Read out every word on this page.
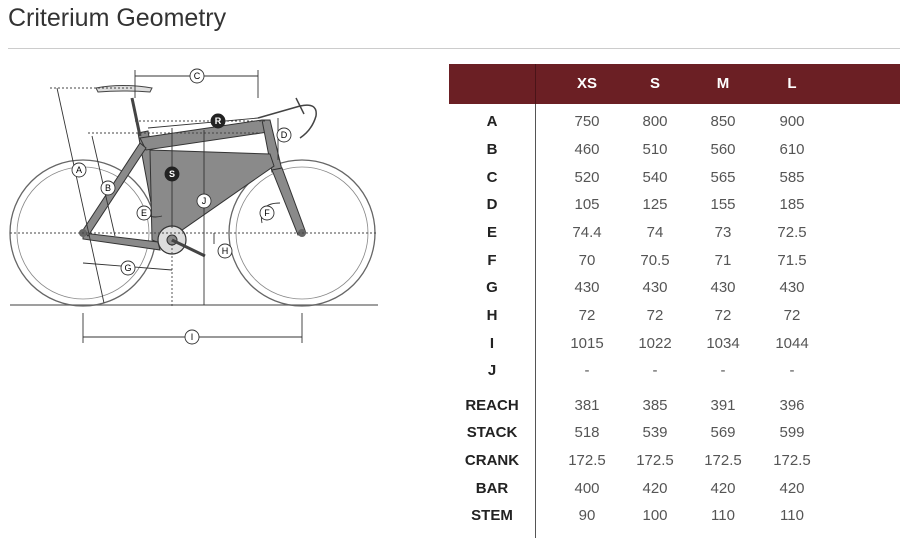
Criterium Geometry
A
B
C
D
E	F
G
H
I
J
R
S
XS	S	M	L
A	750	800	850	900
B	460	510	560	610
C	520	540	565	585
D	105	125	155	185
E	74.4	74	73	72.5
F	70	70.5	71	71.5
G	430	430	430	430
H	72	72	72	72
I	1015	1022	1034	1044
J	-	-	-	-
REACH	381	385	391	396
STACK	518	539	569	599
CRANK	172.5	172.5	172.5	172.5
BAR	400	420	420	420
STEM	90	100	110	110
